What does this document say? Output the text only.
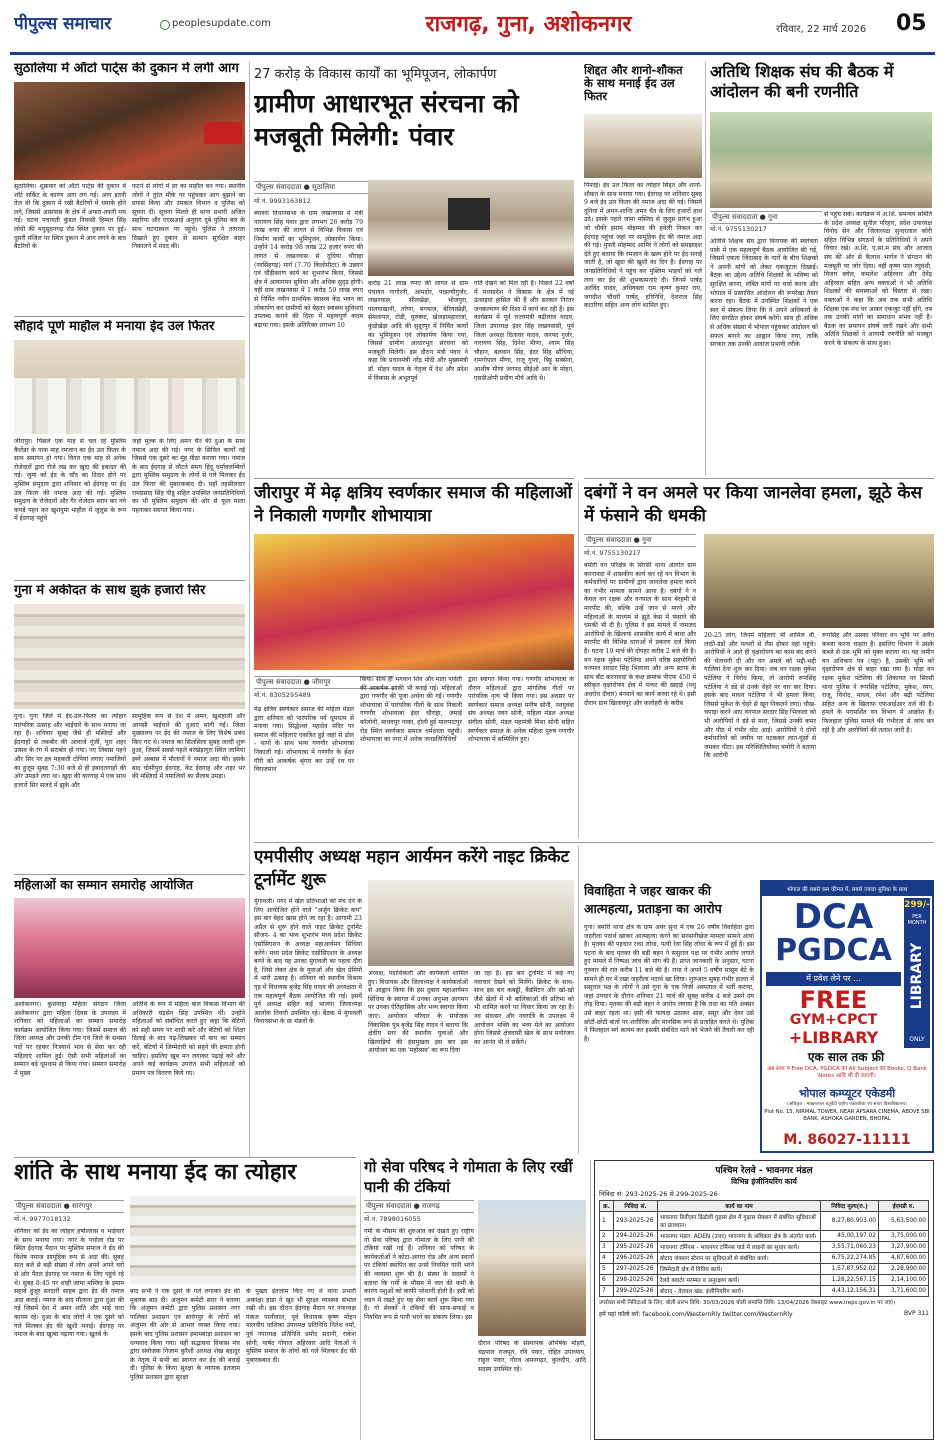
पीपुल्स समाचार	peoplesupdate.com	राजगढ़, गुना, अशोकनगर	रविवार, 22 मार्च 2026 05
सुठालिया में ऑटो पार्ट्स की दुकान में लगी आग
सुठालिया। शुक्रवार को ऑटो पार्ट्स की दुकान में शॉर्ट सर्किट के कारण आग लग गई। आग इतनी तेज थी कि दुकान में रखी बैटरियों में धमाके होने लगे, जिससे आसपास के क्षेत्र में अफरा-तफरी मच गई। घटना पचायती कुंडल निवासी हिम्मत सिंह लोधी की मधुसूदनगढ़ रोड स्थित दुकान पर हुई। दूसरी मंजिल पर स्थित दुकान में आग लगने के बाद बैटरियों के
फटने से लोगों में डर का माहौल बन गया। स्थानीय लोगों ने तुरंत मौके पर पहुंचकर आग बुझाने का प्रयास किया और दमकल विभाग व पुलिस को सूचना दी। सूचना मिलते ही थाना प्रभारी अजित सहरिया और एएसआई अनुराग दुबे पुलिस बल के साथ घटनास्थल पर पहुंचे। पुलिस ने तत्परता दिखाते हुए दुकान से सामान सुरक्षित बाहर निकालने में मदद की।
सौहार्द पूर्ण माहौल में मनाया ईद उल फितर
जीरापुर। पिछले एक माह से चल रहे मुस्लिम कैलेंडर के पाक माह रमजान का ईद उल फितर के साथ समापन हो गया। विगत एक माह से अनेक रोजेदारों द्वारा रोजे रख कर खुदा की इबादत की गई। जुमा को ईद के चाँद का दिदार होने पर मुस्लिम समुदाय द्वारा शनिवार को ईदगाह पर ईद उल फितर की नमाज अदा की गई। मुस्लिम समुदाय के रोजेदारों और गैर रोजेदार स्नान कर नये कपड़े पहन कर खुशनुमा माहौल में जुलूस के रूप में ईदगाह पहुंचे
जहां मुल्क के लिए अमन चैन की दुआ के साथ नमाज अदा की गई। नगर के सिविल कार्यों नई जिससे एक दूसरे का मुंह मीठा कराया गया। नमाज के बाद ईदगाह से लौटते समय हिंदू धर्मावलम्बियों द्वारा मुस्लिम समुदाय के लोगों से गले मिलकर ईद उल फितर की मुबारकबाद दी। यहाँ तहसीलदार रामप्रसाद सिंह पीडू सहित उपस्थित जनप्रतिनिधियों का भी मुस्लिम समुदाय की ओर से फूल माला पहनाकर स्वागत किया गया।
गुना में अकीदत के साथ झुके हजारों सिर
गुना। गुना जिले में ईद-उल-फितर का त्योहार पारंपरिक उत्साह और भाईचारे के साथ मनाया जा रहा है। शनिवार सुबह जैसे ही मस्जिदों और ईदगाहों से तकबीर की आवाजें गूंजीं, पूरा शहर उत्सव के रंग में सराबोर हो गया। नए लिबास पहने और सिर पर इत्र महकती टोपियां लगाए नमाजियों का हुजूम सुबह 7:30 बजे से ही इबादतगाहों की ओर उमड़ने लगा था। खुदा की बारगाह में एक साथ हजारों सिर सजदे में झुके और
सामूहिक रूप से देश में अमन, खुशहाली और आपसी भाईचारे की दुआएं मांगी गई। जिला मुख्यालय पर ईद की नमाज के लिए विशेष प्रबंध किए गए थे। नमाज का सिलसिला सुबह जल्दी शुरू हुआ, जिसमें सबसे पहले बरखेड़ागुरा स्थित जामिया इब्ने अब्बास में मौलानों ने नमाज अदा की। इसके बाद चोसीपुरा ईदगाह, केंट ईदगाह और शहर भर की मस्जिदों में नमाजियों का सैलाब उमड़ा।
महिलाओं का सम्मान समारोह आयोजित
अशोकनगर। कुशवाहा महिला संगठन जिला अशोकनगर द्वारा महिला दिवस के उपलक्ष्य में शनिवार को महिलाओं का सम्मान समारोह कार्यक्रम आयोजित किया गया। जिसमें समाज की जिला अध्यक्ष और उनकी टीम एवं जिले के समस्त पदों पर रहकर निःस्वार्थ भाव से सेवा कर रही महिलाएं शामिल हुईं। ऐसी सभी महिलाओं का सम्मान बड़े धूमधाम से किया गया। सम्मान समारोह में मुख्य
अतिथि के रूप में महिला बाल विकास विभाग की अधिकारी चंद्रसेन सिंह उपस्थित थीं। उन्होंने महिलाओं को संबोधित करते हुए कहा कि बेटियों को सही समय पर शादी करें और बेटियों को शिक्षा दिलाई के बाद पढ़-लिखकर माँ बाप का सम्मान करें, बेटियों में जिम्मेदारी को सहने की क्षमता होनी चाहिए। इसलिए खूब मन लगाकर पढ़ाई करें और अपने कई कार्यक्रम उपरांत सभी महिलाओं को प्रमाण पत्र वितरण किये गए।
27 करोड़ के विकास कार्यों का भूमिपूजन, लोकार्पण
ग्रामीण आधारभूत संरचना को मजबूती मिलेगी: पंवार
पीपुल्स संवाददाता ● सुठालिया
मो.नं. 9993163812
ब्यावरा विधानसभा के ग्राम लखनवास में मंत्री नारायण सिंह पंवार द्वारा लगभग 26 करोड़ 79 लाख रुपए की लागत से विभिन्न विकास एवं निर्माण कार्यों का भूमिपूजन, लोकार्पण किया। उन्होंने 14 करोड़ 98 लाख 22 हजार रुपए की लागत से लखनवास से दुधिया चौराहा (नरसिंहगढ़) मार्ग (7.70 किलोमीटर) के उन्नयन एवं चौड़ीकरण कार्य का शुभारंभ किया, जिससे क्षेत्र में आवागमन सुविधा और अधिक सुदृढ़ होगी। वहीं ग्राम लखनवास में 1 करोड़ 59 लाख रुपए से निर्मित नवीन प्राथमिक स्वास्थ्य केंद्र भवन का लोकार्पण कर ग्रामीणों को बेहतर स्वास्थ्य सुविधाएं उपलब्ध कराने की दिशा में महत्वपूर्ण कदम बढ़ाया गया। इसके अतिरिक्त लगभग 10
करोड़ 21 लाख रुपए की लागत से ग्राम पंचायत गागोरनी, आमदोर, पाडल्यीगुर्जर, लखनवास, सीलखेड़ा, भोजपुरा, पालयाखानी, तरेणा, बगवाज़, बेरियाखेड़ी, सेमलापार, टोडी, चुरुक्या, खेजड़ामहाराजा, कुंडोखेड़ा आदि की सुदूरपुर में निर्मित कार्यों का भूमिपूजन एवं लोकार्पण किया गया, जिससे ग्रामीण आधारभूत संरचना को मजबूती मिलेगी। इस दौरान मंत्री पंवार ने कहा कि प्रधानमंत्री नरेंद्र मोदी और मुख्यमंत्री डॉ. मोहन यादव के नेतृत्व में देश और प्रदेश में विकास के अभूतपूर्व
गति देखने को मिल रही है। पिछले 22 वर्षों में मध्यप्रदेश ने विकास के क्षेत्र में नई ऊंचाइयां हासिल की हैं और सरकार निरंतर जनकल्याण की दिशा में कार्य कर रही है। इस कार्यक्रम में पूर्व राज्यमंत्री बद्रीलाल यादव, जिला उपाध्यक्ष इंदर सिंह लखनवासी, पूर्व जिला अध्यक्ष दिलावर यादव, जनपद गुर्जर, नारायण सिंह, दिनेश मीणा, श्याम सिंह चौहान, बलवान सिंह, इंदर सिंह सौधिया, रामगोपाल मीणा, राजू गुप्ता, बिट्टू सक्सेना, आशीष मीणा जनपद सीईओ आर के मोहन, एसडीओपी प्रवीण मौर्य आदि थे।
शिद्दत और शानो-शौकत के साथ मनाई ईद उल फितर
पिपरई। ईद उल फितर का त्योहार सिद्दत और शानो-शौकत के साथ मनाया गया। ईदगाह पर शनिवार सुबह 9 बजे ईद उल फितर की नमाज अदा की गई। जिसमें दुनिया में अमन-शान्ति अमन चैन के लिए हजारों हाथ उठे। इसके पहले जामा मस्जिद से जुलूस प्रारंभ हुआ जो चौकी इमाम मोहम्मद की हवेली निकल कर ईदगाह पहुंचा जहां पर सामूहिक ईद की नमाज अदा की गई। मुफ्ती मोहम्मद आमिर ने लोगों को समझाइश देते हुए बताया कि रमजान के खत्म होने पर ईद मनाई जाती है, जो खुदा की खुशी का दिन है। ईदगाह पर जनप्रतिनिधियों ने पहुंच कर मुस्लिम भाइयों को गले लगा कर ईद की शुभकामनाएं दी। जिनमें पार्षद अरविंद यादव, अधिवक्ता राम कृष्ण कुमार राय, जगदीश चौधरी पार्षद, हरिनिधि, देशराज सिंह कटारिया सहित अन्य लोग शामिल हुए।
अतिथि शिक्षक संघ की बैठक में आंदोलन की बनी रणनीति
पीपुल्स संवाददाता ● गुना
मो.नं. 9755130217
अतिथि शिक्षक संघ द्वारा विनायक की स्वतंत्रता पार्क में एक महत्वपूर्ण बैठक आयोजित की गई, जिसमें एकता जिंदाबाद के नारों के बीच शिक्षकों ने अपनी मांगों को लेकर एकजुटता दिखाई। बैठक का उद्देश्य अतिथि शिक्षकों के भविष्य को सुरक्षित करना, लंबित मांगों पर चर्चा करना और भोपाल में प्रस्तावित आंदोलन की रूपरेखा तैयार करना रहा। बैठक में उपस्थित शिक्षकों ने एक स्वर में संकल्प लिया कि वे अपने अधिकारों के लिए संगठित होकर संघर्ष करेंगे। साथ ही अधिक से अधिक संख्या में भोपाल पहुंचकर आंदोलन को सफल बनाने का आह्वान किया गया, ताकि सरकार तक उनकी आवाज प्रभावी तरीके
से पहुंच सके। कार्यक्रम में अ.शि. समन्वय समिति के प्रदेश अध्यक्ष सुनील परिहार, प्रदेश उपाध्यक्ष विनोद सेन और जिलाध्यक्ष सुन्दरलाल कोरी सहित विभिन्न संगठनों के प्रतिनिधियों ने अपने विचार रखे। अ.शि. ए.सा.म संघ और आजाद संघ की ओर से कैलाश भार्गव ने संगठन की मजबूती पर जोर दिया। वहीं कृष्ण पाल रघुवंशी, विजय बघेल, कमलेश अहिरवार और देवेंद्र अहिरवार सहित अन्य वक्ताओं ने भी अतिथि शिक्षकों की समस्याओं को विस्तार से रखा। वक्ताओं ने कहा कि अब तक सभी अतिथि शिक्षक एक मंच पर आकर एकजुट नहीं होंगे, तब तक उनकी मांगों का समाधान संभव नहीं है। बैठक का समापन संघर्ष जारी रखने और सभी अतिथि शिक्षकों ने आगामी रणनीति को मजबूत करने के संकल्प के साथ हुआ।
जीरापुर में मेढ़ क्षत्रिय स्वर्णकार समाज की महिलाओं ने निकाली गणगौर शोभायात्रा
पीपुल्स संवाददाता ● जीरापुर
मो.नं. 8305295489
मेढ़ क्षत्रिय स्वर्णकार समाज की महिला मंडल द्वारा शनिवार को पारंपरिक पर्व धूमधाम से मनाया गया। सिद्धेश्वर महादेव मंदिर पर समाज की महिलाएं एकत्रित हुईं जहां से ढोल - थापों के साथ भव्य गणगौर शोभायात्रा निकाली गई। शोभायात्रा में गणगौर के ईशर गौरी को आकर्षक श्रृंगार कर उन्हें रथ पर विराजमान
किया। साथ ही भगवान शिव और माता पार्वती की आकर्षक झांकी भी बनाई गई। महिलाओं द्वारा गणगौर की पूजा अर्चना की गई। गणगौर शोभायात्रा में पारंपरिक गीतों के साथ निकली गणगौर शोभायात्रा इंदर चौराहा, जमाई कॉलोनी, माधवपुर नाका, होली हुई मालपाटपुर रोड स्थित स्वर्णकार समाज धर्मशाला पहुंची। शोभायात्रा का नगर में अनेक जनप्रतिनिधियों
द्वारा स्वागत किया गया। गणगौर शोभायात्रा के दौरान महिलाओं द्वारा मांगलिक गीतों पर पारंपरिक नृत्य भी किया गया। इस अवसर पर स्वर्णकार समाज अध्यक्ष मनीष सोनी, नवयुवक संघ अध्यक्ष पवन सोनी, महिला मंडल अध्यक्ष संगीता सोनी, मंडल महामंत्री मिथा सोनी सहित स्वर्णकार समाज के अनेक महिला पुरुष गणगौर शोभायात्रा में सम्मिलित हुए।
दबंगों ने वन अमले पर किया जानलेवा हमला, झूठे केस में फंसाने की धमकी
पीपुल्स संवाददाता ● गुना
मो.नं. 9755130217
बमोरी वन परिक्षेत्र के सिरसी थाना अंतर्गत ग्राम करनावदा में शासकीय कार्य कर रहे वन विभाग के कर्मचारियों पर ग्रामीणों द्वारा जानलेवा हमला करने का गंभीर मामला सामने आया है। दबंगों ने न केवल वन रक्षक और वनपाल के साथ बेरहमी से मारपीट की, बल्कि उन्हें जान से मारने और महिलाओं के माध्यम से झूठे केस में फंसाने की धमकी भी दी है। पुलिस ने इस मामले में नामजद आरोपियों के खिलाफ शासकीय कार्य में बाधा और मारपीट की विभिन्न धाराओं में प्रकरण दर्ज किया है। घटना 19 मार्च की दोपहर करीब 2 बजे की है। वन रक्षक मुकेश पटेलिया अपने वरिष्ठ सहयोगियों वनपाल सरदार सिंह भिलाला और अन्य स्टाफ के साथ बीट करनावदा के कक्ष क्रमांक पीएफ 450 में स्वीकृत वृक्षारोपण क्षेत्र में पत्थर की खदाई (पथु अवरोध दीवार) बनवाने का कार्य करवा रहे थे। इसी दौरान ग्राम खिलावपुर और कलोहरी के करीब
20-25 लोग, जिनमें महिलाएं भी शामिल थीं, लाठी-डंडों और पत्थरों से लैस होकर वहां पहुंचे। आरोपियों ने आते ही वृक्षारोपण का काम बंद करने की चेतावनी दी और वन अमले को भद्दी-भद्दी गालियां देना शुरू कर दिया। जब वन रक्षक मुकेश पटेलिया ने विरोध किया, तो आरोपी रूपसिंह पटेलिया ने डंडे से उनके चेहरे पर वार कर दिया। इसके बाद माधव पटेलिया ने भी हमला किया, जिससे मुकेश के चेहरे से खून निकलने लगा। चीख-चपाड़ा करने आए वनपाल सरदार सिंह भिलाला को भी आरोपियों ने डंडे से मारा, जिससे उनकी कमर और पीठ में गंभीर चोट आई। आरोपियों ने दोनों कर्मचारियों को जमीन पर पटककर लात-घूंसों से जमकर पीटा। इस परिस्थितियोंवश बमोरी ने बताया कि आरोपी
रूपसिंह और उसका परिवार वन भूमि पर अवैध कब्जा करना चाहता है। इसलिए विभाग ने उसके कब्जे से उस भूमि को मुक्त कराया था। यह जमीन वन अधिकार पत्र (पट्टा) है, उसकी भूमि को वृक्षारोपण क्षेत्र से बाहर रखा गया है। घोड़ा वन रक्षक मुकेश पटेलिया की शिकायत पर सिरसी थाना पुलिस ने रूपसिंह पटेलिया, मुकेश, रमन, राजू, विनोद, माधव, रमेश और बद्री पटेलिया सहित अन्य के खिलाफ एफआईआर दर्ज की है। हमले के परामर्शित वन विभाग में आक्रोश है। फिलहाल पुलिस मामले की गंभीरता से जांच कर रही है और आरोपियों की तलाश जारी है।
एमपीसीए अध्यक्ष महान आर्यमन करेंगे नाइट क्रिकेट टूर्नामेंट शुरू
मुंगावली। नगर में खेल प्रतिभाओं को मंच देने के लिए आयोजित होने वाले "अर्जुन क्रिकेट कप" इस बार बेहद खास होने जा रहा है। आगामी 23 अप्रैल से शुरू होने वाले नाइट क्रिकेट टूर्नामेंट सीजन- 4 का भव्य शुभारंभ मध्य प्रदेश क्रिकेट एसोसिएशन के अध्यक्ष महाआर्यमन सिंधिया करेंगे। मध्य प्रदेश क्रिकेट एसोसिएशन के अध्यक्ष बनने के बाद यह उनका मुंगावली का पहला दौरा है, जिसे लेकर क्षेत्र के युवाओं और खेल प्रेमियों में भारी उत्साह है। शनिवार को स्थानीय विश्राम गृह में विधायक बृजेंद्र सिंह यादव की अध्यक्षता में एक महत्वपूर्ण बैठक आयोजित की गई। इसमें पूर्व अध्यक्ष सहित कई भाजपा जिलाध्यक्ष आलोक तिवारी उपस्थित रहे। बैठक में मुंगावली विधानसभा के छः मंडलों के
अध्यक्ष, पदाधिकारी और कार्यकर्ता शामिल हुए। विधायक और जिलाध्यक्ष ने कार्यकर्ताओं से आह्वान किया कि इस दुबारा महाआर्यमन सिंधिया के स्वागत में उनका अनुभव आगमन पर उनका ऐतिहासिक और भव्य स्वागत किया जाए। आयोजन परिवार के संयोजक विकासिक पुत्र बृजेंद्र सिंह यादव ने बताया कि क्षेत्रीय स्तर की स्थानीय युवाओं और खिलाड़ियों की हंसमुखता इस बार इस आयोजन का एक 'महोत्सव' का रूप दिया
जा रहा है। इस बार टूर्नामेंट में कई नए नवाचार देखने को मिलेंगे। क्रिकेट के साथ-साथ इस बार कबड्डी, बैडमिंटन और खो-खो जैसे खेलों में भी बालिकाओं की प्रतिभा को भी शामिल करने पर विचार किया जा रहा है। नव संवत्सर और नवरात्रि के उपलक्ष्य में आयोजन भक्ति का भव्य मेले का आयोजन होगा जिससे क्षेत्रवासी खेल के साथ मनोरंजन का आनंद भी ले सकेंगे।
विवाहिता ने जहर खाकर की आत्महत्या, प्रताड़ना का आरोप
गुना। बमोरी थाना क्षेत्र के ग्राम अवर सुना में एक 26 वर्षीय विवाहिता द्वारा जहरीला पदार्थ खाकर आत्महत्या करने का सनसनीखेज मामला सामने आया है। मृतका की पहचान राधा लोधा, पत्नी रेवा सिंह लोधा के रूप में हुई है। इस घटना के बाद मृतका की बड़ी बहन ने ससुराल पक्ष पर गंभीर आरोप लगाते हुए मामले में निष्पक्ष जांच की मांग की है। प्राप्त जानकारी के अनुसार, घटना गुरुवार की रात करीब 11 बजे की है। राधा ने अपने 5 वर्षीय मासूम बेटे के सामने ही घर में रखा जहरीला पदार्थ खा लिया। शुरुआत सुबह गंभीर हालत में ससुराल पक्ष के लोगों ने उसे गुना के एक निजी अस्पताल में भर्ती कराया, जहां उपचार के दौरान शनिवार 21 मार्च की सुबह करीब 4 बजे उसने दम तोड़ दिया। मृतका की बड़ी बहन ने आरोप लगाया है कि राधा का पति अक्सर उसे बाहर रहता था। इसी की फायदा उठाकर सास, ससुर और देवर उसे छोटी-छोटी बातों पर शारीरिक और मानसिक रूप से प्रताड़ित करते थे। पुलिस ने फिलहाल मर्ग कायम कर इसकी संबंधित थाने को भेजने की तैयारी कर रही है।
भोपाल की सबसे कम कीमत में, सबसे ज्यादा सुविधा के साथ
DCA
PGDCA
299/-
PER MONTH
LIBRARY
ONLY
में प्रवेश लेने पर ...
FREE
GYM+CPCT
+LIBRARY
एक साल तक फ्री
अब साथ में Free DCA, PGDCA की All Subject की Books, Q Bank Notes आदि भी दी जाएगी।
भोपाल कम्प्यूटर एकेडमी
(अधिकृत : माखनलाल चतुर्वेदी राष्ट्रीय पत्रकारिता एवं संचार विश्वविद्यालय)
Plot No. 15, NIRMAL TOWER, NEAR APSARA CINEMA, ABOVE SBI BANK, ASHOKA GARDEN, BHOPAL
M. 86027-11111
शांति के साथ मनाया ईद का त्योहार
पीपुल्स संवाददाता ● सारंगपुर
मो.नं. 9977018132
शनिवार को ईद का त्योहार हर्षोल्लास व भाईचारे के साथ मनाया गया। नगर के पचोला रोड पर स्थित ईदगाह मैदान पर मुस्लिम समाज ने ईद की विशेष नमाज सामूहिक रूप से अदा की। सुबह सात बजे से बड़ी संख्या में लोग अपने अपने घरों से ओर पैदल ईदगाह पर नमाज के लिए पहुंचे रहे थे। सुबह 8:45 पर शाही जामा मस्जिद के इमाम सहाबे हुजूर सरदारी साहब द्वारा ईद की नमाज अदा कराई। नमाज के बाद मौलाना द्वारा दुआ की गई जिसमें देश में अमन शांति और भाई चारा कायम रहे। दुआ के बाद लोगों ने एक दूसरे को गले मिलकर ईद की खुशी मनाई। ईदगाह पर नमाज के बाद खुत्बा पढ़ाया गया। खुतबे के
बाद सभी ने एक दूसरे के गले लगाकर ईद की मुबारक बाद दी। अंजुमन कमेटी सदर ने बताया कि अंजुमन कमेटी द्वारा पुलिस प्रशासन नगर पालिका प्रशासन एवं सारंगपुर के लोगों को अंजुमन की ओर से आभार व्यक्त किया गया। इसके बाद पुलिस प्रशासन इमामबाड़ा प्रशासन का धन्यवाद किया गया। वहीं सद्भावना विकास मंच द्वारा संयोजक निजाम कुरैशी अध्यक्ष शेख बहादुर के नेतृत्व में सभी का स्वागत कर ईद की बधाई दी। पुलिस के किया सुरक्षा के व्यापक इंतजाम पुलिस प्रशासन द्वारा सुरक्षा
के पुख्ता इंतजाम किए गए थे थाना प्रभारी अकांक्षा हाडा ने खुद भी सुरक्षा व्यवस्था संभाल रखी थी। इस दौरान ईदगाह मैदान पर नपाध्यक्ष पंकज पालीवाल, पूर्व विधायक कृष्ण मोहन मालवीय पालिका उपाध्यक्ष प्रतिनिधि नितेश वर्मा, पूर्व नपाध्यक्ष प्रतिनिधि प्रमोद सदानी, राकेश सोनी, पार्षद गोपाल अहिरवार आदि नेताओं ने मुस्लिम समाज के लोगों को गले मिलकर ईद की मुबारकबाद दी।
गो सेवा परिषद ने गोमाता के लिए रखीं पानी की टंकियां
पीपुल्स संवाददाता ● राजगढ़
मो.नं. 7898016055
गर्मी के मौसम की शुरुआत को देखते हुए राष्ट्रीय गो सेवा परिषद द्वारा गोमाता के लिए पानी की टंकियां रखी गई हैं। शनिवार को परिषद के कार्यकर्ताओं ने कोटा-आगरा रोड और अन्य स्थानों पर टंकियां स्थापित कर उनमें नियमित पानी भरने की व्यवस्था शुरू की है। संस्था के सदस्यों ने बताया कि गर्मी के मौसम में जल की कमी के कारण पशुओं को काफी परेशानी होती है। इसी को ध्यान में रखते हुए यह सेवा कार्य शुरू किया गया है। गो सेवकों ने टंकियों की साफ-सफाई व नियमित रूप से पानी भरने का संकल्प लिया। इस
दौरान परिषद के संस्थापक अभिषेक मोहरी, चंद्रपाल राजपूत, रवि पंवार, रोहित उपाध्याय, राहुल पंवार, गौरव अमनगढ़र, कुलदीप, आदि सदस्य उपस्थित रहे।
पश्चिम रेलवे - भावनगर मंडल
विभिन्न इंजीनियरिंग कार्य
निविदा सं: 293-2025-26 से 299-2025-26
क्र.	निविदा सं.	कार्य का नाम	निविदा मूल्य(रु.)	ईएमडी रु.
1	293-2025-26	भावनगर डिवीज़न ढिंढोली गुढ़ास क्षेत्र में गुढ़ास सेक्शन में संबंधित सुविधाओं का प्रावधान।	8,27,80,903.00	5,63,500.00
2	294-2025-26	भावनगर मंडल: ADEN (उत्तर) भावनगर के अधिकार क्षेत्र के अंतर्गत कार्य।	45,00,197.02	3,75,000.00
3	295-2025-26	भावनगर टर्मिनस - भावनगर टर्मिनस यार्ड में लाइनों का सुधार कार्य।	3,55,71,060.23	3,27,900.00
4	296-2025-26	बोटाद जंक्शन स्टेशन पर सुविधाओं से संबंधित कार्य।	6,75,22,274.85	4,87,600.00
5	297-2025-26	जिम्मेदारी क्षेत्र में विविध कार्य।	1,57,87,952.02	2,28,900.00
6	298-2025-26	रेलवे क्वार्टर मरम्मत व अनुरक्षण कार्य।	1,28,22,567.15	2,14,100.00
7	299-2025-26	बोटाद - वेरावल खंड: इंजीनियरिंग कार्य।	4,43,12,156.31	3,71,600.00
उपरोक्त सभी निविदाओं के लिए: बोली प्रारंभ तिथि: 30/03/2026 बोली समाप्ति तिथि: 13/04/2026 वेबसाइट www.ireps.gov.in पर जाएं।
हमें यहां फॉलो करें: facebook.com/WesternRly twitter.com/WesternRly	BVP 311
